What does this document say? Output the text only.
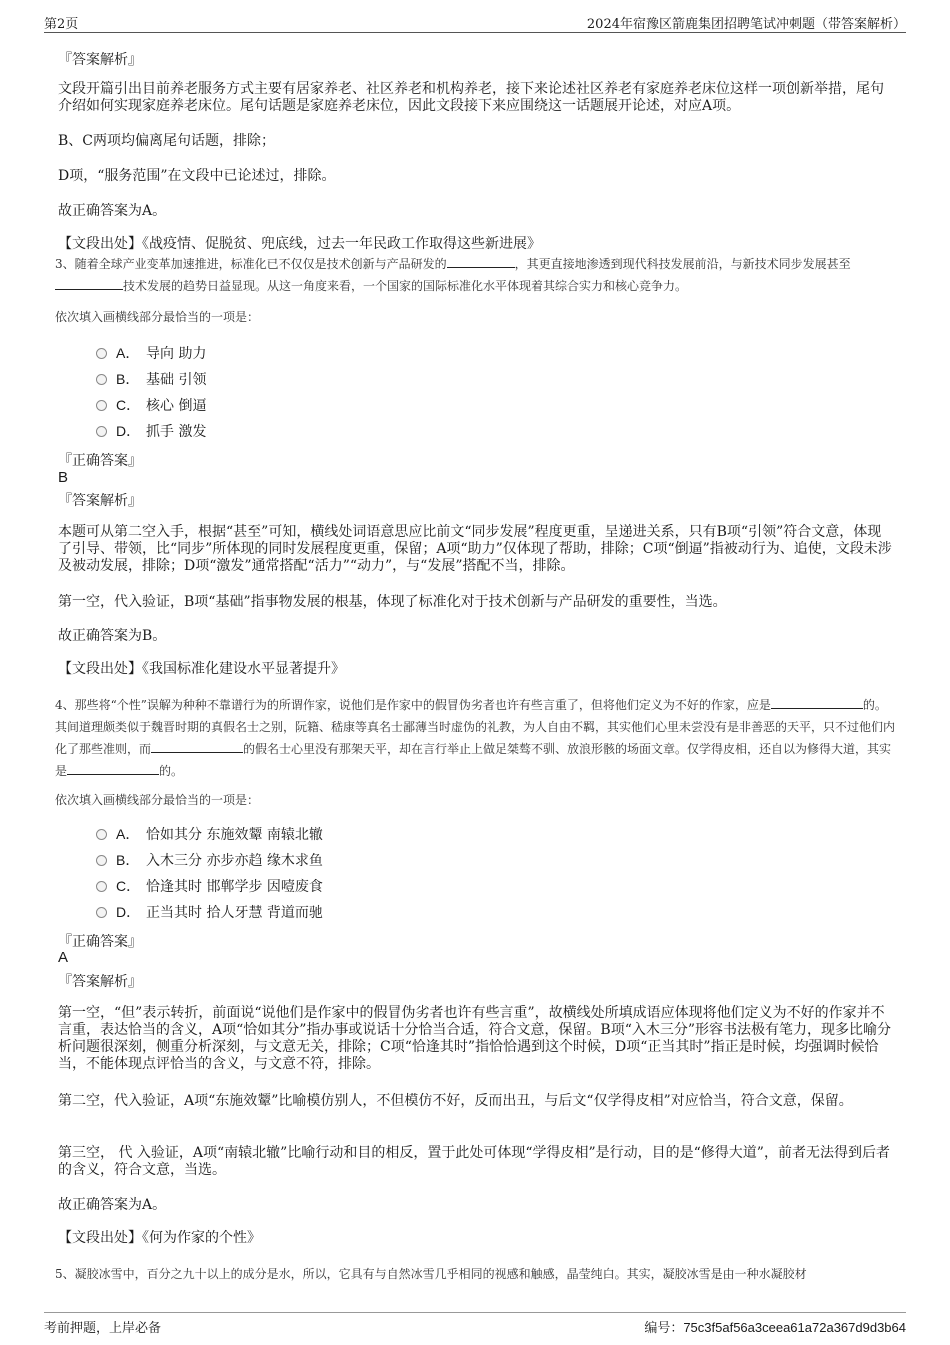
第2页	2024年宿豫区箭鹿集团招聘笔试冲刺题（带答案解析）

『答案解析』

文段开篇引出目前养老服务方式主要有居家养老、社区养老和机构养老，接下来论述社区养老有家庭养老床位这样一项创新举措，尾句介绍如何实现家庭养老床位。尾句话题是家庭养老床位，因此文段接下来应围绕这一话题展开论述，对应A项。

B、C两项均偏离尾句话题，排除；

D项，“服务范围”在文段中已论述过，排除。

故正确答案为A。

【文段出处】《战疫情、促脱贫、兜底线，过去一年民政工作取得这些新进展》

3、随着全球产业变革加速推进，标准化已不仅仅是技术创新与产品研发的	，其更直接地渗透到现代科技发展前沿，与新技术同步发展甚至技术发展的趋势日益显现。从这一角度来看，一个国家的国际标准化水平体现着其综合实力和核心竞争力。

依次填入画横线部分最恰当的一项是：

A． 导向 助力
B． 基础 引领
C． 核心 倒逼
D． 抓手 激发

『正确答案』

B

『答案解析』

本题可从第二空入手，根据“甚至”可知，横线处词语意思应比前文“同步发展”程度更重，呈递进关系，只有B项“引领”符合文意，体现了引导、带领，比“同步”所体现的同时发展程度更重，保留；A项“助力”仅体现了帮助，排除；C项“倒逼”指被动行为、追使，文段未涉及被动发展，排除；D项“激发”通常搭配“活力”“动力”，与“发展”搭配不当，排除。

第一空，代入验证，B项“基础”指事物发展的根基，体现了标准化对于技术创新与产品研发的重要性，当选。

故正确答案为B。

【文段出处】《我国标准化建设水平显著提升》

4、那些将“个性”误解为种种不靠谱行为的所谓作家，说他们是作家中的假冒伪劣者也许有些言重了，但将他们定义为不好的作家，应是	的。其间道理颇类似于魏晋时期的真假名士之别，阮籍、嵇康等真名士鄙薄当时虚伪的礼教，为人自由不羁，其实他们心里未尝没有是非善恶的天平，只不过他们内化了那些准则，而	的假名士心里没有那架天平，却在言行举止上做足桀骜不驯、放浪形骸的场面文章。仅学得皮相，还自以为修得大道，其实是	的。

依次填入画横线部分最恰当的一项是：

A． 恰如其分 东施效颦 南辕北辙
B． 入木三分 亦步亦趋 缘木求鱼
C． 恰逢其时 邯郸学步 因噎废食
D． 正当其时 拾人牙慧 背道而驰

『正确答案』

A

『答案解析』

第一空，“但”表示转折，前面说“说他们是作家中的假冒伪劣者也许有些言重”，故横线处所填成语应体现将他们定义为不好的作家并不言重，表达恰当的含义，A项“恰如其分”指办事或说话十分恰当合适，符合文意，保留。B项“入木三分”形容书法极有笔力，现多比喻分析问题很深刻，侧重分析深刻，与文意无关，排除；C项“恰逢其时”指恰恰遇到这个时候，D项“正当其时”指正是时候，均强调时候恰当，不能体现点评恰当的含义，与文意不符，排除。

第二空，代入验证，A项“东施效颦”比喻模仿别人，不但模仿不好，反而出丑，与后文“仅学得皮相”对应恰当，符合文意，保留。

第三空， 代 入验证，A项“南辕北辙”比喻行动和目的相反，置于此处可体现“学得皮相”是行动，目的是“修得大道”，前者无法得到后者的含义，符合文意，当选。

故正确答案为A。

【文段出处】《何为作家的个性》

5、凝胶冰雪中，百分之九十以上的成分是水，所以，它具有与自然冰雪几乎相同的视感和触感，晶莹纯白。其实，凝胶冰雪是由一种水凝胶材

考前押题，上岸必备	编号：75c3f5af56a3ceea61a72a367d9d3b64
